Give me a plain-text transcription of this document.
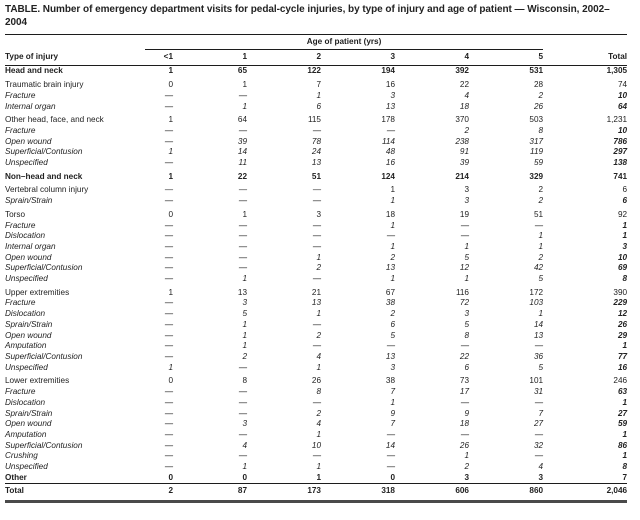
TABLE. Number of emergency department visits for pedal-cycle injuries, by type of injury and age of patient — Wisconsin, 2002–2004
	Age of patient (yrs)						
Type of injury	<1	1	2	3	4	5	Total
Head and neck	1	65	122	194	392	531	1,305
Traumatic brain injury	0	1	7	16	22	28	74
Fracture	—	—	1	3	4	2	10
Internal organ	—	1	6	13	18	26	64
Other head, face, and neck	1	64	115	178	370	503	1,231
Fracture	—	—	—	—	2	8	10
Open wound	—	39	78	114	238	317	786
Superficial/Contusion	1	14	24	48	91	119	297
Unspecified	—	11	13	16	39	59	138
Non–head and neck	1	22	51	124	214	329	741
Vertebral column injury	—	—	—	1	3	2	6
Sprain/Strain	—	—	—	1	3	2	6
Torso	0	1	3	18	19	51	92
Fracture	—	—	—	1	—	—	1
Dislocation	—	—	—	—	—	1	1
Internal organ	—	—	—	1	1	1	3
Open wound	—	—	1	2	5	2	10
Superficial/Contusion	—	—	2	13	12	42	69
Unspecified	—	1	—	1	1	5	8
Upper extremities	1	13	21	67	116	172	390
Fracture	—	3	13	38	72	103	229
Dislocation	—	5	1	2	3	1	12
Sprain/Strain	—	1	—	6	5	14	26
Open wound	—	1	2	5	8	13	29
Amputation	—	1	—	—	—	—	1
Superficial/Contusion	—	2	4	13	22	36	77
Unspecified	1	—	1	3	6	5	16
Lower extremities	0	8	26	38	73	101	246
Fracture	—	—	8	7	17	31	63
Dislocation	—	—	—	1	—	—	1
Sprain/Strain	—	—	2	9	9	7	27
Open wound	—	3	4	7	18	27	59
Amputation	—	—	1	—	—	—	1
Superficial/Contusion	—	4	10	14	26	32	86
Crushing	—	—	—	—	1	—	1
Unspecified	—	1	1	—	2	4	8
Other	0	0	1	0	3	3	7
Total	2	87	173	318	606	860	2,046
